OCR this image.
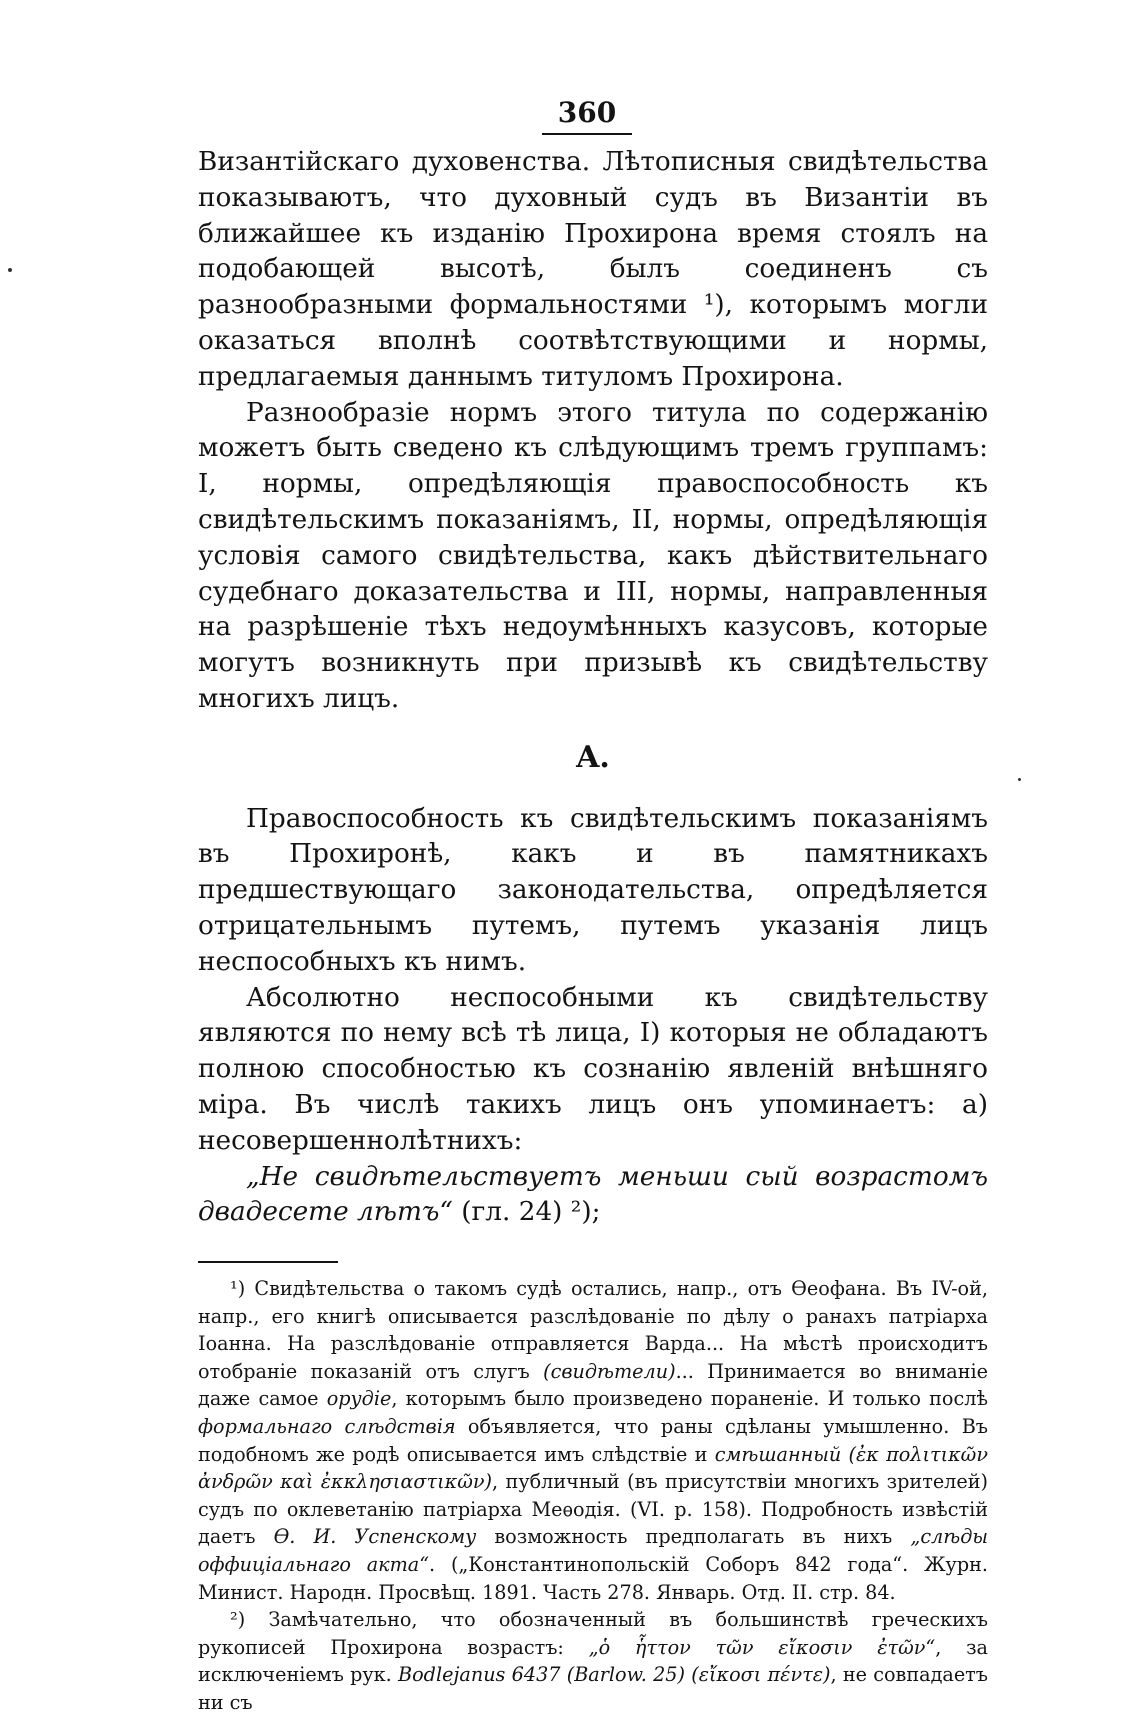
360

Византійскаго духовенства. Лѣтописныя свидѣтельства показываютъ, что духовный судъ въ Византіи въ ближайшее къ изданію Прохирона время стоялъ на подобающей высотѣ, былъ соединенъ съ разнообразными формальностями ¹), которымъ могли оказаться вполнѣ соотвѣтствующими и нормы, предлагаемыя даннымъ титуломъ Прохирона.

Разнообразіе нормъ этого титула по содержанію можетъ быть сведено къ слѣдующимъ тремъ группамъ: I, нормы, опредѣляющія правоспособность къ свидѣтельскимъ показаніямъ, II, нормы, опредѣляющія условія самого свидѣтельства, какъ дѣйствительнаго судебнаго доказательства и III, нормы, направленныя на разрѣшеніе тѣхъ недоумѣнныхъ казусовъ, которые могутъ возникнуть при призывѣ къ свидѣтельству многихъ лицъ.

A.

Правоспособность къ свидѣтельскимъ показаніямъ въ Прохиронѣ, какъ и въ памятникахъ предшествующаго законодательства, опредѣляется отрицательнымъ путемъ, путемъ указанія лицъ неспособныхъ къ нимъ.

Абсолютно неспособными къ свидѣтельству являются по нему всѣ тѣ лица, I) которыя не обладаютъ полною способностью къ сознанію явленій внѣшняго міра. Въ числѣ такихъ лицъ онъ упоминаетъ: а) несовершеннолѣтнихъ:

„Не свидѣтельствуетъ меньши сый возрастомъ двадесете лѣтъ“ (гл. 24) ²);

¹) Свидѣтельства о такомъ судѣ остались, напр., отъ Ѳеофана. Въ IV-ой, напр., его книгѣ описывается разслѣдованіе по дѣлу о ранахъ патріарха Іоанна. На разслѣдованіе отправляется Варда... На мѣстѣ происходитъ отобраніе показаній отъ слугъ (свидѣтели)... Принимается во вниманіе даже самое орудіе, которымъ было произведено пораненіе. И только послѣ формальнаго слѣдствія объявляется, что раны сдѣланы умышленно. Въ подобномъ же родѣ описывается имъ слѣдствіе и смѣшанный (ἐκ πολιτικῶν ἀνδρῶν καὶ ἐκκλησιαστικῶν), публичный (въ присутствіи многихъ зрителей) судъ по оклеветанію патріарха Меѳодія. (VI. p. 158). Подробность извѣстій даетъ Ѳ. И. Успенскому возможность предполагать въ нихъ „слѣды оффиціальнаго акта“. („Константинопольскій Соборъ 842 года“. Журн. Минист. Народн. Просвѣщ. 1891. Часть 278. Январь. Отд. II. стр. 84.

²) Замѣчательно, что обозначенный въ большинствѣ греческихъ рукописей Прохирона возрастъ: „ὁ ἧττον τῶν εἴκοσιν ἐτῶν“, за исключеніемъ рук. Bodlejanus 6437 (Barlow. 25) (εἴκοσι πέντε), не совпадаетъ ни съ
